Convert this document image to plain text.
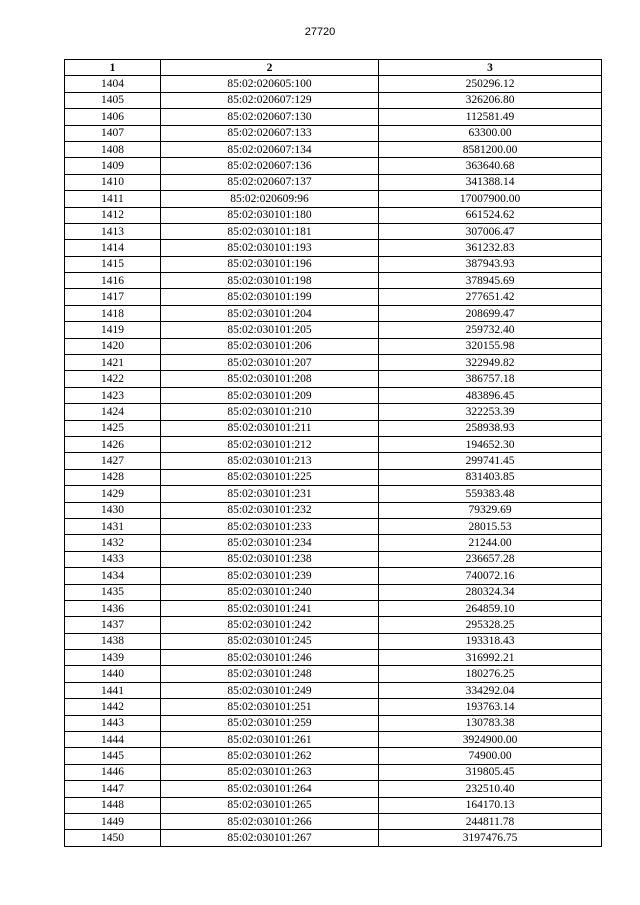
27720
1	2	3
1404	85:02:020605:100	250296.12
1405	85:02:020607:129	326206.80
1406	85:02:020607:130	112581.49
1407	85:02:020607:133	63300.00
1408	85:02:020607:134	8581200.00
1409	85:02:020607:136	363640.68
1410	85:02:020607:137	341388.14
1411	85:02:020609:96	17007900.00
1412	85:02:030101:180	661524.62
1413	85:02:030101:181	307006.47
1414	85:02:030101:193	361232.83
1415	85:02:030101:196	387943.93
1416	85:02:030101:198	378945.69
1417	85:02:030101:199	277651.42
1418	85:02:030101:204	208699.47
1419	85:02:030101:205	259732.40
1420	85:02:030101:206	320155.98
1421	85:02:030101:207	322949.82
1422	85:02:030101:208	386757.18
1423	85:02:030101:209	483896.45
1424	85:02:030101:210	322253.39
1425	85:02:030101:211	258938.93
1426	85:02:030101:212	194652.30
1427	85:02:030101:213	299741.45
1428	85:02:030101:225	831403.85
1429	85:02:030101:231	559383.48
1430	85:02:030101:232	79329.69
1431	85:02:030101:233	28015.53
1432	85:02:030101:234	21244.00
1433	85:02:030101:238	236657.28
1434	85:02:030101:239	740072.16
1435	85:02:030101:240	280324.34
1436	85:02:030101:241	264859.10
1437	85:02:030101:242	295328.25
1438	85:02:030101:245	193318.43
1439	85:02:030101:246	316992.21
1440	85:02:030101:248	180276.25
1441	85:02:030101:249	334292.04
1442	85:02:030101:251	193763.14
1443	85:02:030101:259	130783.38
1444	85:02:030101:261	3924900.00
1445	85:02:030101:262	74900.00
1446	85:02:030101:263	319805.45
1447	85:02:030101:264	232510.40
1448	85:02:030101:265	164170.13
1449	85:02:030101:266	244811.78
1450	85:02:030101:267	3197476.75
